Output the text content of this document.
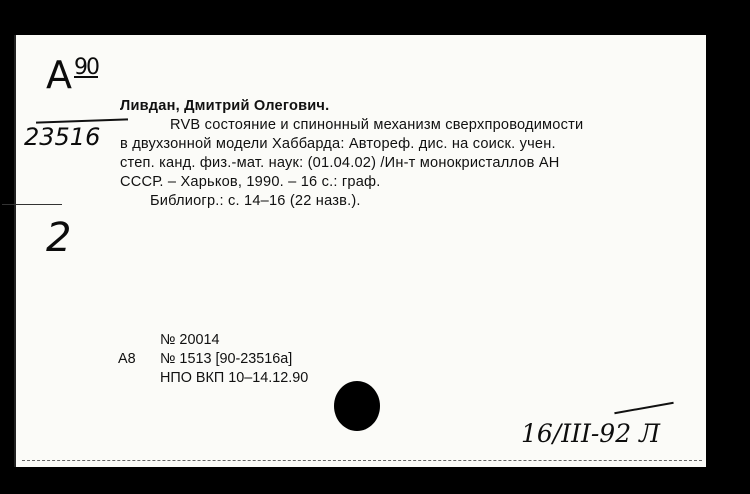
A $^{90}$
23516
2
Ливдан, Дмитрий Олегович.
RVB состояние и спинонный механизм сверхпроводимости
в двухзонной модели Хаббарда: Автореф. дис. на соиск. учен.
степ. канд. физ.-мат. наук: (01.04.02) /Ин-т монокристаллов АН
СССР. – Харьков, 1990. – 16 с.: граф.
Библиогр.: с. 14–16 (22 назв.).
№ 20014
А8 № 1513 [90-23516а]
НПО ВКП 10–14.12.90
16/III-92 Л
